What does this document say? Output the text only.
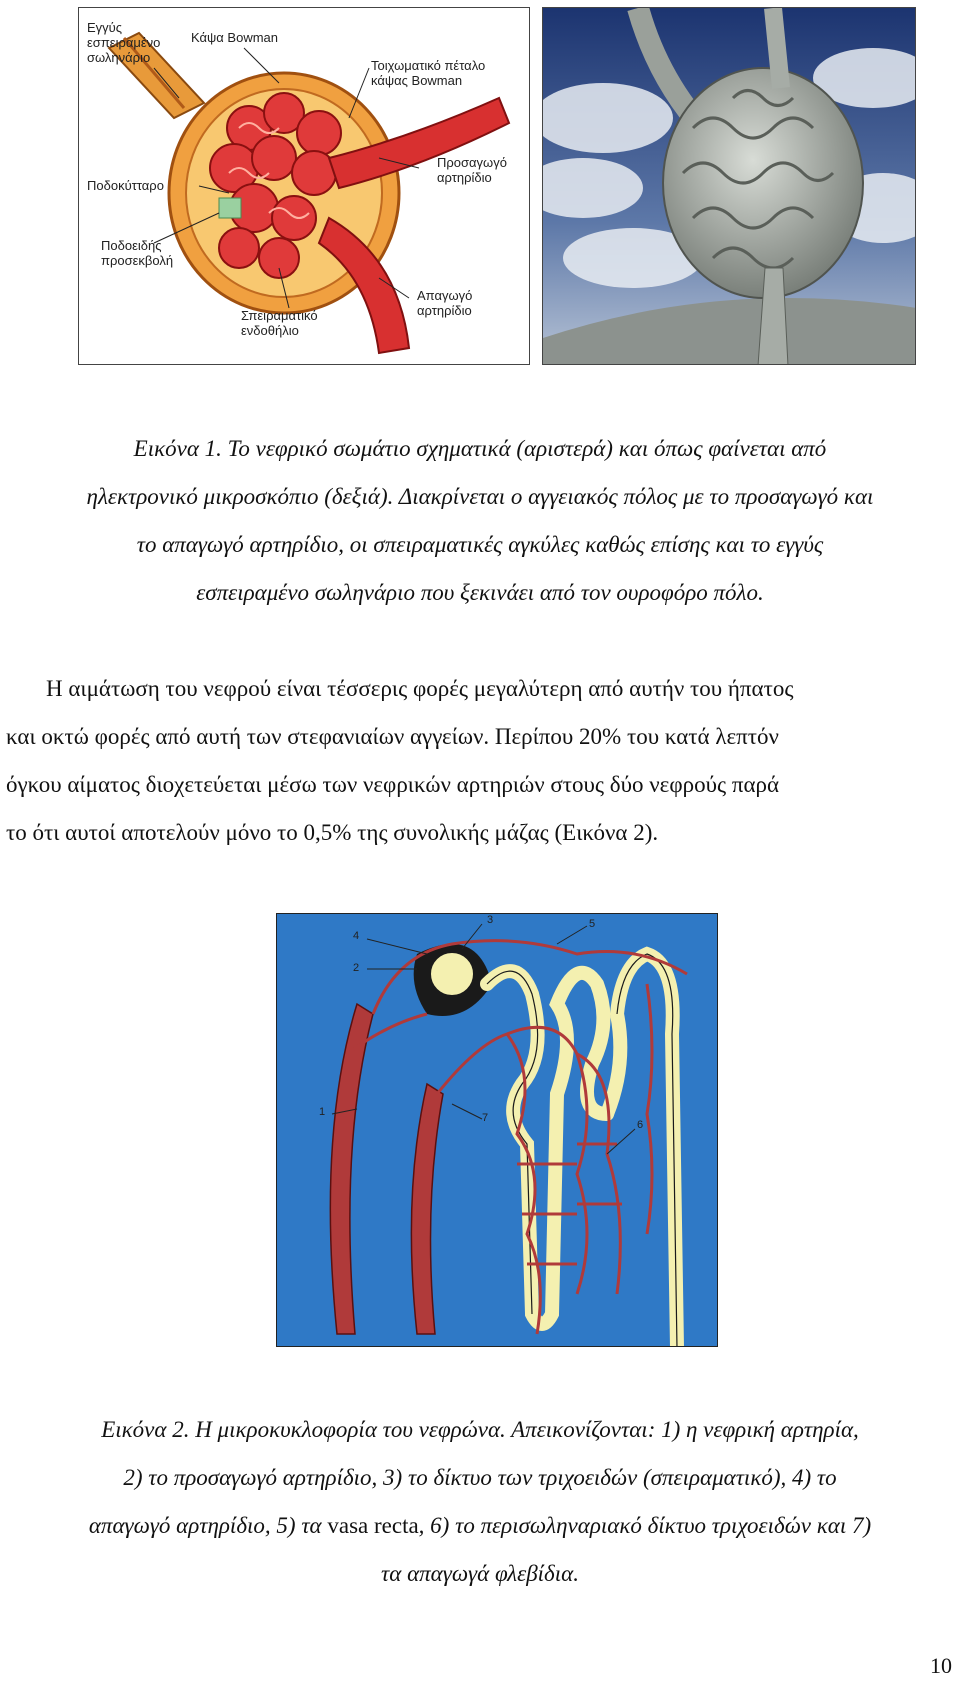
Εγγύς
εσπειραμένο
σωληνάριο
Κάψα Bowman
Τοιχωματικό πέταλο
κάψας Bowman
Ποδοκύτταρο
Προσαγωγό
αρτηρίδιο
Ποδοειδής
προσεκβολή
Απαγωγό
αρτηρίδιο
Σπειραματικό
ενδοθήλιο
Εικόνα 1. Το νεφρικό σωμάτιο σχηματικά (αριστερά) και όπως φαίνεται από
ηλεκτρονικό μικροσκόπιο (δεξιά). Διακρίνεται ο αγγειακός πόλος με το προσαγωγό και
το απαγωγό αρτηρίδιο, οι σπειραματικές αγκύλες καθώς επίσης και το εγγύς
εσπειραμένο σωληνάριο που ξεκινάει από τον ουροφόρο πόλο.
Η αιμάτωση του νεφρού είναι τέσσερις φορές μεγαλύτερη από αυτήν του ήπατος
και οκτώ φορές από αυτή των στεφανιαίων αγγείων. Περίπου 20% του κατά λεπτόν
όγκου αίματος διοχετεύεται μέσω των νεφρικών αρτηριών στους δύο νεφρούς παρά
το ότι αυτοί αποτελούν μόνο το 0,5% της συνολικής μάζας (Εικόνα 2).
1
2
3
4
5
6
7
Εικόνα 2. Η μικροκυκλοφορία του νεφρώνα. Απεικονίζονται: 1) η νεφρική αρτηρία,
2) το προσαγωγό αρτηρίδιο, 3) το δίκτυο των τριχοειδών (σπειραματικό), 4) το
απαγωγό αρτηρίδιο, 5) τα vasa recta, 6) το περισωληναριακό δίκτυο τριχοειδών και 7)
τα απαγωγά φλεβίδια.
10
